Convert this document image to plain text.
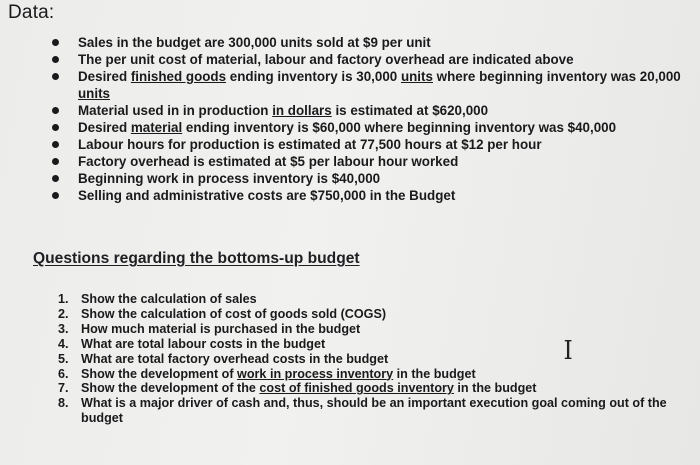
Data:
Sales in the budget are 300,000 units sold at $9 per unit
The per unit cost of material, labour and factory overhead are indicated above
Desired finished goods ending inventory is 30,000 units where beginning inventory was 20,000 units
Material used in in production in dollars is estimated at $620,000
Desired material ending inventory is $60,000 where beginning inventory was $40,000
Labour hours for production is estimated at 77,500 hours at $12 per hour
Factory overhead is estimated at $5 per labour hour worked
Beginning work in process inventory is $40,000
Selling and administrative costs are $750,000 in the Budget
Questions regarding the bottoms-up budget
1. Show the calculation of sales
2. Show the calculation of cost of goods sold (COGS)
3. How much material is purchased in the budget
4. What are total labour costs in the budget
5. What are total factory overhead costs in the budget
6. Show the development of work in process inventory in the budget
7. Show the development of the cost of finished goods inventory in the budget
8. What is a major driver of cash and, thus, should be an important execution goal coming out of the budget
I
